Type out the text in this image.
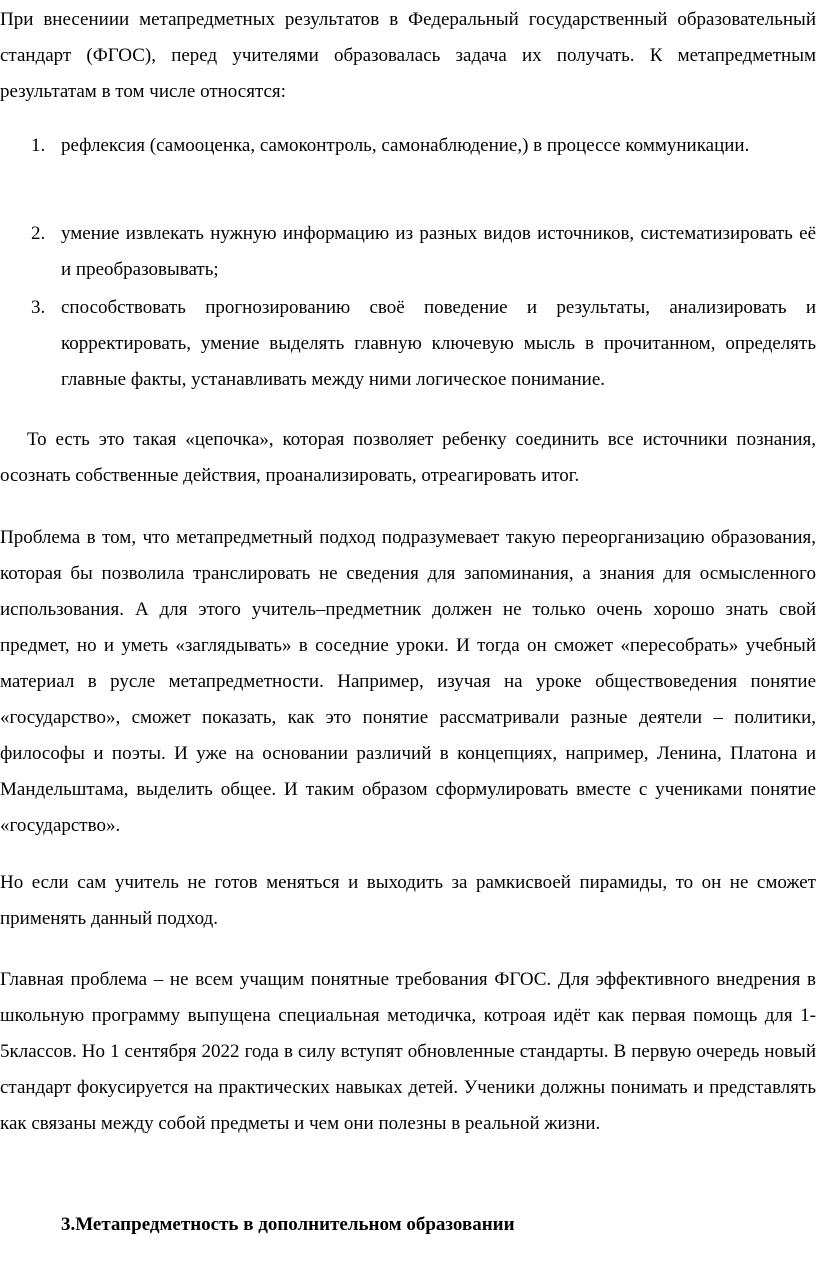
При внесениии метапредметных результатов в Федеральный государственный образовательный стандарт (ФГОС), перед учителями образовалась задача их получать. К метапредметным результатам в том числе относятся:

1. рефлексия (самооценка, самоконтроль, самонаблюдение,) в процессе коммуникации.
2. умение извлекать нужную информацию из разных видов источников, систематизировать её и преобразовывать;
3. способствовать прогнозированию своё поведение и результаты, анализировать и корректировать, умение выделять главную ключевую мысль в прочитанном, определять главные факты, устанавливать между ними логическое понимание.

То есть это такая «цепочка», которая позволяет ребенку соединить все источники познания, осознать собственные действия, проанализировать, отреагировать итог.

Проблема в том, что метапредметный подход подразумевает такую переорганизацию образования, которая бы позволила транслировать не сведения для запоминания, а знания для осмысленного использования. А для этого учитель–предметник должен не только очень хорошо знать свой предмет, но и уметь «заглядывать» в соседние уроки. И тогда он сможет «пересобрать» учебный материал в русле метапредметности. Например, изучая на уроке обществоведения понятие «государство», сможет показать, как это понятие рассматривали разные деятели – политики, философы и поэты. И уже на основании различий в концепциях, например, Ленина, Платона и Мандельштама, выделить общее. И таким образом сформулировать вместе с учениками понятие «государство».

Но если сам учитель не готов меняться и выходить за рамкисвоей пирамиды, то он не сможет применять данный подход.

Главная проблема – не всем учащим понятные требования ФГОС. Для эффективного внедрения в школьную программу выпущена специальная методичка, котроая идёт как первая помощь для 1-5классов. Но 1 сентября 2022 года в силу вступят обновленные стандарты. В первую очередь новый стандарт фокусируется на практических навыках детей. Ученики должны понимать и представлять как связаны между собой предметы и чем они полезны в реальной жизни.

3.Метапредметность в дополнительном образовании
